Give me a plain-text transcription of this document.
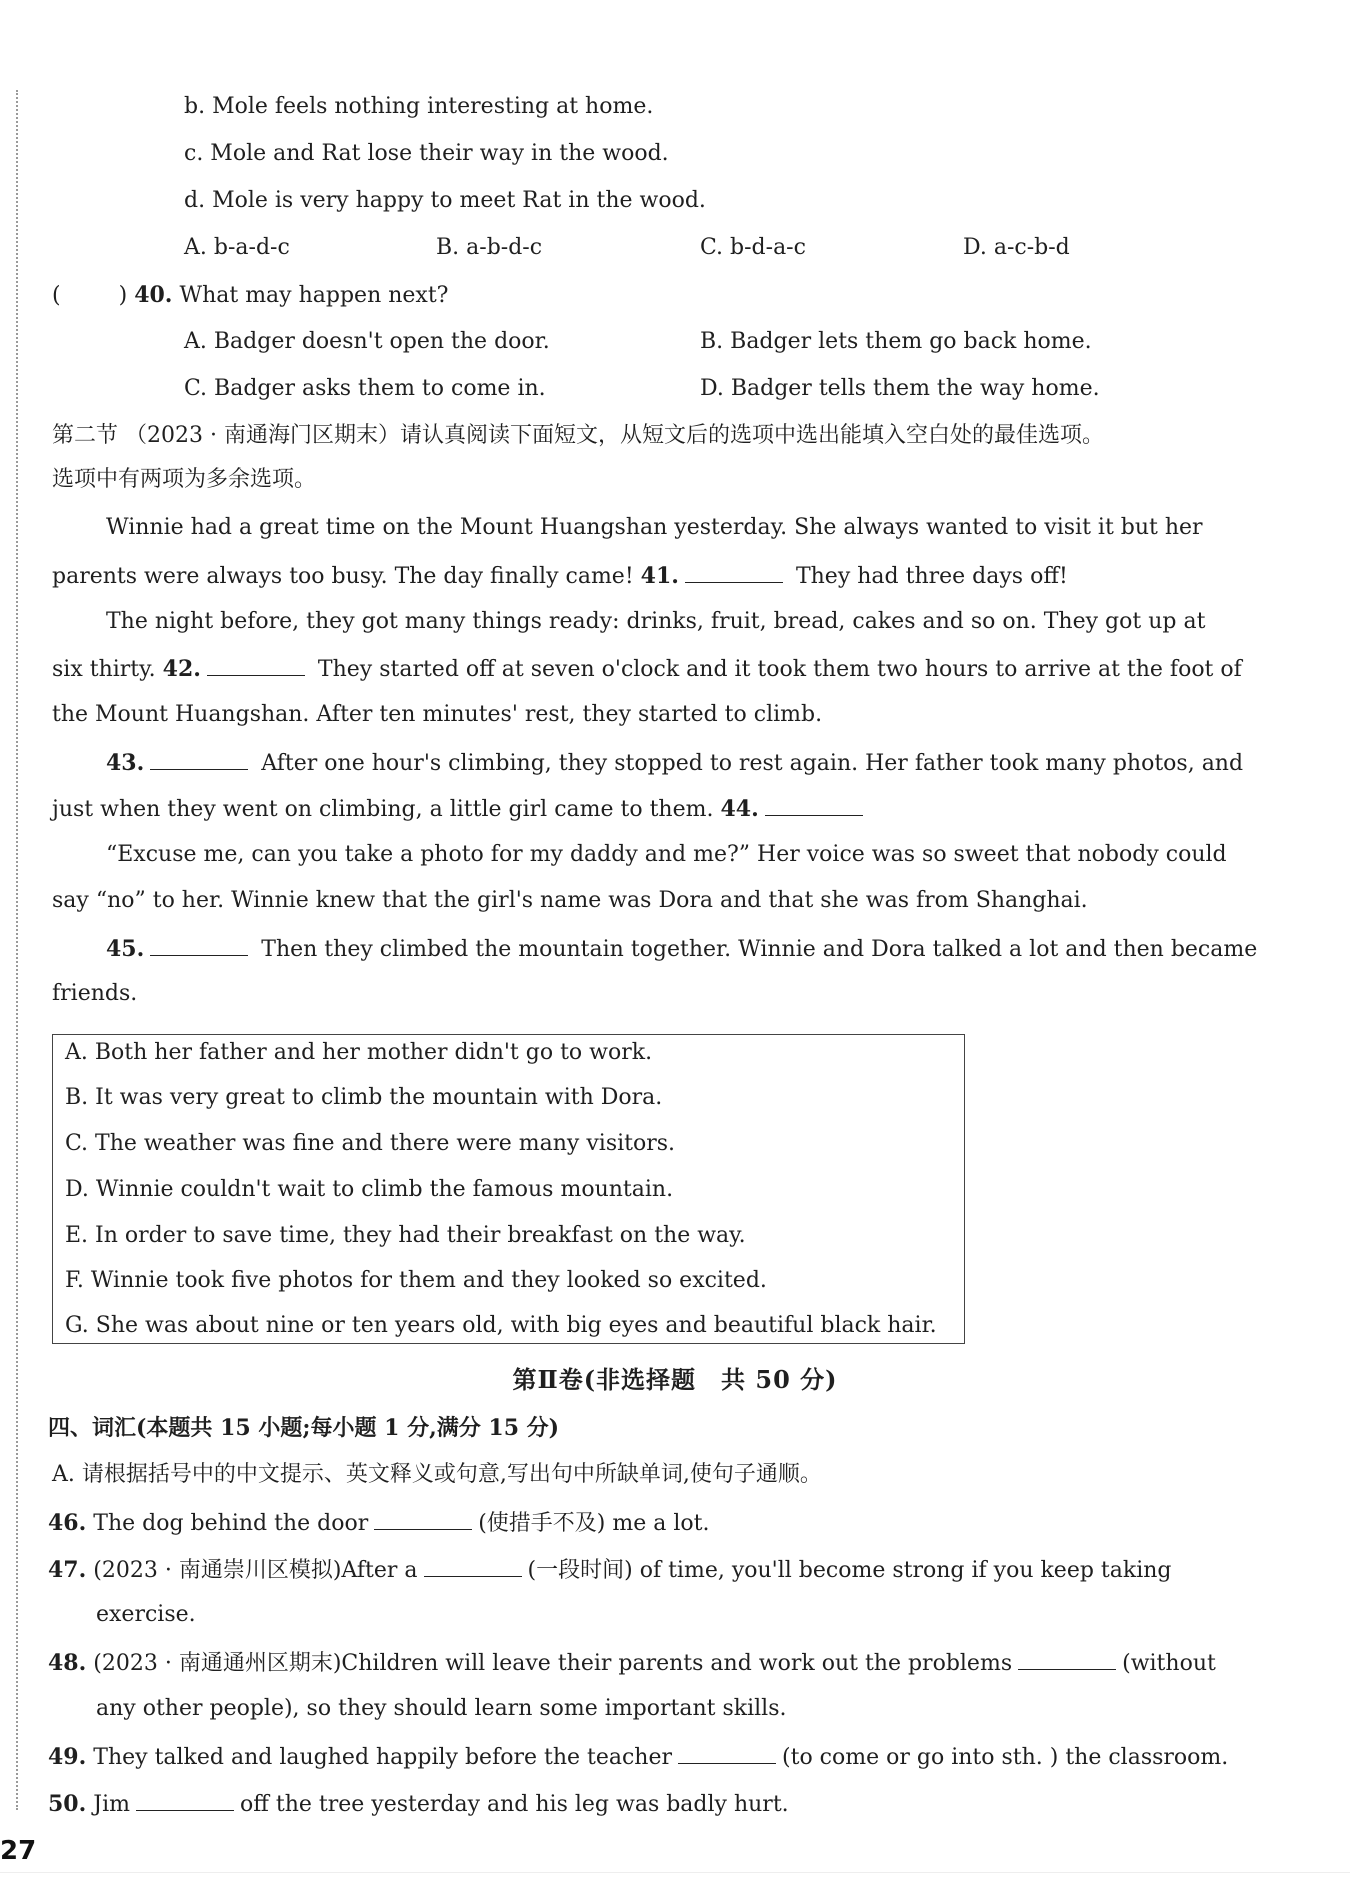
b. Mole feels nothing interesting at home.
c. Mole and Rat lose their way in the wood.
d. Mole is very happy to meet Rat in the wood.
A. b-a-d-c	B. a-b-d-c	C. b-d-a-c	D. a-c-b-d
(	) 40. What may happen next?
A. Badger doesn't open the door.	B. Badger lets them go back home.
C. Badger asks them to come in.	D. Badger tells them the way home.
第二节 （2023 · 南通海门区期末）请认真阅读下面短文，从短文后的选项中选出能填入空白处的最佳选项。
选项中有两项为多余选项。
Winnie had a great time on the Mount Huangshan yesterday. She always wanted to visit it but her
parents were always too busy. The day finally came! 41.	They had three days off!
The night before, they got many things ready: drinks, fruit, bread, cakes and so on. They got up at
six thirty. 42.	They started off at seven o'clock and it took them two hours to arrive at the foot of
the Mount Huangshan. After ten minutes' rest, they started to climb.
43.	After one hour's climbing, they stopped to rest again. Her father took many photos, and
just when they went on climbing, a little girl came to them. 44.
“Excuse me, can you take a photo for my daddy and me?” Her voice was so sweet that nobody could
say “no” to her. Winnie knew that the girl's name was Dora and that she was from Shanghai.
45.	Then they climbed the mountain together. Winnie and Dora talked a lot and then became
friends.
A. Both her father and her mother didn't go to work.
B. It was very great to climb the mountain with Dora.
C. The weather was fine and there were many visitors.
D. Winnie couldn't wait to climb the famous mountain.
E. In order to save time, they had their breakfast on the way.
F. Winnie took five photos for them and they looked so excited.
G. She was about nine or ten years old, with big eyes and beautiful black hair.
第Ⅱ卷(非选择题　共 50 分)
四、词汇(本题共 15 小题;每小题 1 分,满分 15 分)
A. 请根据括号中的中文提示、英文释义或句意,写出句中所缺单词,使句子通顺。
46. The dog behind the door	(使措手不及) me a lot.
47. (2023 · 南通崇川区模拟)After a	(一段时间) of time, you'll become strong if you keep taking
exercise.
48. (2023 · 南通通州区期末)Children will leave their parents and work out the problems	(without
any other people), so they should learn some important skills.
49. They talked and laughed happily before the teacher	(to come or go into sth. ) the classroom.
50. Jim	off the tree yesterday and his leg was badly hurt.
27
